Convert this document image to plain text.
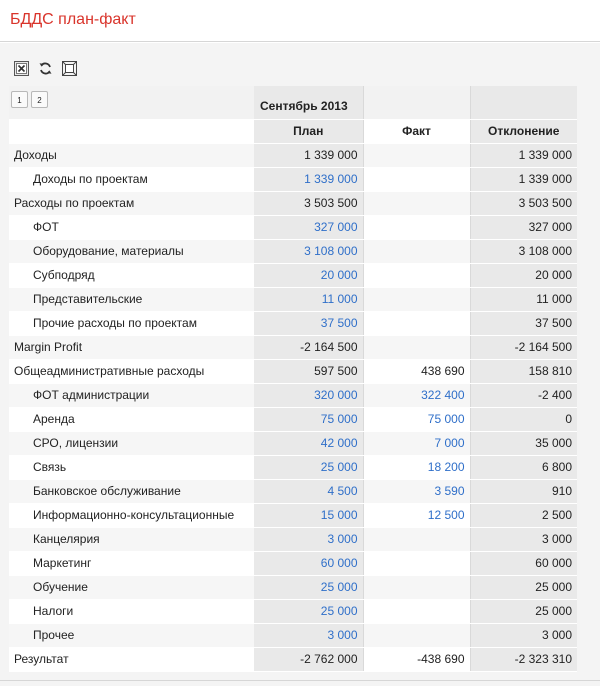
БДДС план-факт
1 2	Сентябрь 2013		
	План	Факт	Отклонение
Доходы	1 339 000		1 339 000
Доходы по проектам	1 339 000		1 339 000
Расходы по проектам	3 503 500		3 503 500
ФОТ	327 000		327 000
Оборудование, материалы	3 108 000		3 108 000
Субподряд	20 000		20 000
Представительские	11 000		11 000
Прочие расходы по проектам	37 500		37 500
Margin Profit	-2 164 500		-2 164 500
Общеадминистративные расходы	597 500	438 690	158 810
ФОТ администрации	320 000	322 400	-2 400
Аренда	75 000	75 000	0
СРО, лицензии	42 000	7 000	35 000
Связь	25 000	18 200	6 800
Банковское обслуживание	4 500	3 590	910
Информационно-консультационные	15 000	12 500	2 500
Канцелярия	3 000		3 000
Маркетинг	60 000		60 000
Обучение	25 000		25 000
Налоги	25 000		25 000
Прочее	3 000		3 000
Результат	-2 762 000	-438 690	-2 323 310
